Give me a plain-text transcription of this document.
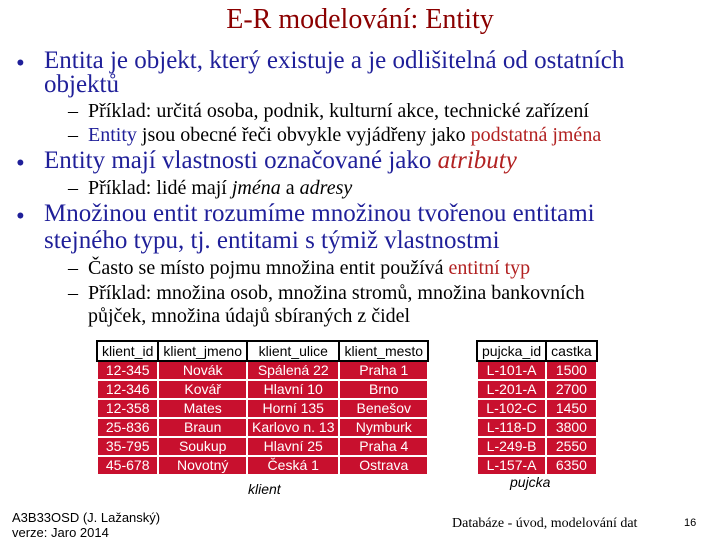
E-R modelování: Entity
• Entita je objekt, který existuje a je odlišitelná od ostatních
objektů
– Příklad: určitá osoba, podnik, kulturní akce, technické zařízení
– Entity jsou obecné řeči obvykle vyjádřeny jako podstatná jména
• Entity mají vlastnosti označované jako atributy
– Příklad: lidé mají jména a adresy
• Množinou entit rozumíme množinou tvořenou entitami
stejného typu, tj. entitami s týmiž vlastnostmi
– Často se místo pojmu množina entit používá entitní typ
– Příklad: množina osob, množina stromů, množina bankovních
půjček, množina údajů sbíraných z čidel
klient_id	klient_jmeno	klient_ulice	klient_mesto
12-345	Novák	Spálená 22	Praha 1
12-346	Kovář	Hlavní 10	Brno
12-358	Mates	Horní 135	Benešov
25-836	Braun	Karlovo n. 13	Nymburk
35-795	Soukup	Hlavní 25	Praha 4
45-678	Novotný	Česká 1	Ostrava
klient
pujcka_id	castka
L-101-A	1500
L-201-A	2700
L-102-C	1450
L-118-D	3800
L-249-B	2550
L-157-A	6350
pujcka
A3B33OSD (J. Lažanský)
verze: Jaro 2014
Databáze - úvod, modelování dat	16
